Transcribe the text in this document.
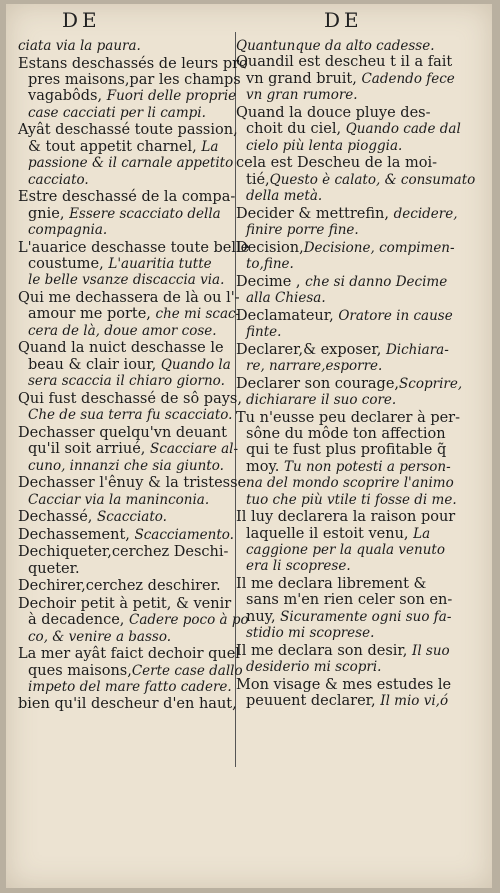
DE	DE

ciata via la paura.

Estans deschassés de leurs pro
pres maisons,par les champs
vagabôds, Fuori delle proprie
case cacciati per li campi.

Ayât deschassé toute passion,
& tout appetit charnel, La
passione & il carnale appetito
cacciato.

Estre deschassé de la compa-
gnie, Essere scacciato della
compagnia.

L'auarice deschasse toute belle
coustume, L'auaritia tutte
le belle vsanze discaccia via.

Qui me dechassera de là ou l'-
amour me porte, che mi scac-
cera de là, doue amor cose.

Quand la nuict deschasse le
beau & clair iour, Quando la
sera scaccia il chiaro giorno.

Qui fust deschassé de sô pays,
Che de sua terra fu scacciato.

Dechasser quelqu'vn deuant
qu'il soit arriué, Scacciare al-
cuno, innanzi che sia giunto.

Dechasser l'ênuy & la tristesse
Cacciar via la maninconia.

Dechassé, Scacciato.

Dechassement, Scacciamento.

Dechiqueter,cerchez Deschi-
queter.

Dechirer,cerchez deschirer.

Dechoir petit à petit, & venir
à decadence, Cadere poco à po
co, & venire a basso.

La mer ayât faict dechoir quel
ques maisons,Certe case dallo
impeto del mare fatto cadere.
bien qu'il descheur d'en haut,

Quantunque da alto cadesse.
Quandil est descheu t il a fait
vn grand bruit, Cadendo fece
vn gran rumore.

Quand la douce pluye des-
choit du ciel, Quando cade dal
cielo più lenta pioggia.

cela est Descheu de la moi-
tié,Questo è calato, & consumato
della metà.

Decider & mettrefin, decidere,
finire porre fine.

Decision,Decisione, compimen-
to,fine.

Decime , che si danno Decime
alla Chiesa.

Declamateur, Oratore in cause
finte.

Declarer,& exposer, Dichiara-
re, narrare,esporre.

Declarer son courage,Scoprire,
dichiarare il suo core.

Tu n'eusse peu declarer à per-
sône du môde ton affection
qui te fust plus profitable q̃
moy. Tu non potesti a person-
na del mondo scoprire l'animo
tuo che più vtile ti fosse di me.

Il luy declarera la raison pour
laquelle il estoit venu, La
caggione per la quala venuto
era li scoprese.

Il me declara librement &
sans m'en rien celer son en-
nuy, Sicuramente ogni suo fa-
stidio mi scoprese.

Il me declara son desir, Il suo
desiderio mi scopri.

Mon visage & mes estudes le
peuuent declarer, Il mio vi,ó
